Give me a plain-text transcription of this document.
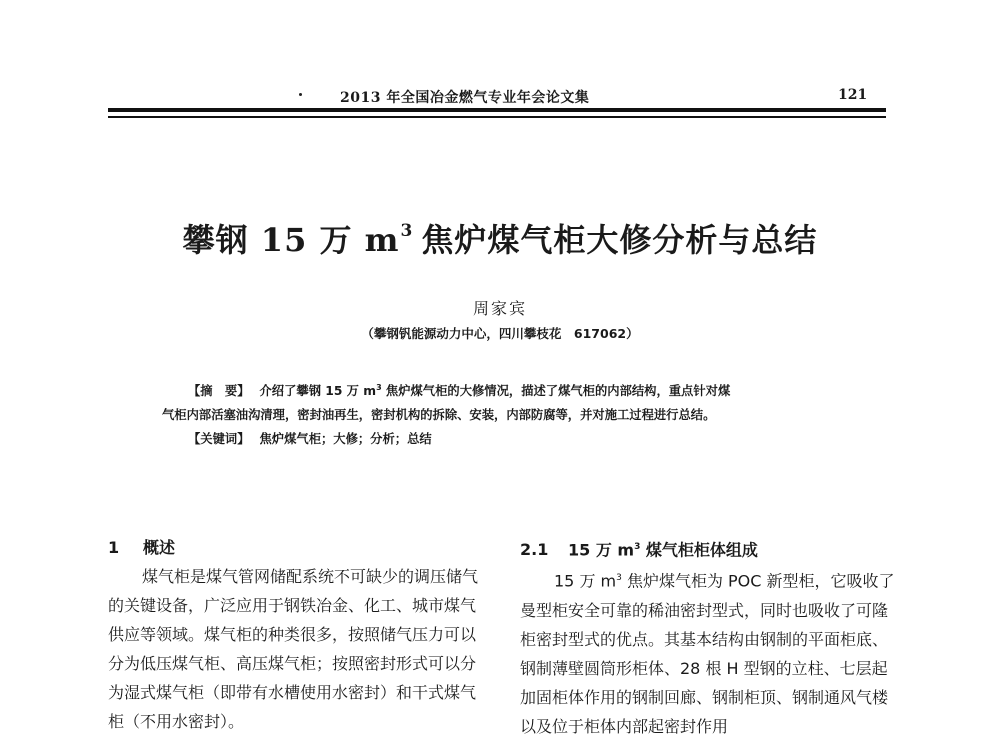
2013 年全国冶金燃气专业年会论文集	121
攀钢 15 万 $m^3$ 焦炉煤气柜大修分析与总结
周家宾
（攀钢钒能源动力中心，四川攀枝花　617062）

【摘　要】 介绍了攀钢 15 万 $m^3$ 焦炉煤气柜的大修情况，描述了煤气柜的内部结构，重点针对煤

气柜内部活塞油沟清理，密封油再生，密封机构的拆除、安装，内部防腐等，并对施工过程进行总结。

【关键词】 焦炉煤气柜；大修；分析；总结

1 概述

煤气柜是煤气管网储配系统不可缺少的调压储气的关键设备，广泛应用于钢铁冶金、化工、城市煤气供应等领域。煤气柜的种类很多，按照储气压力可以分为低压煤气柜、高压煤气柜；按照密封形式可以分为湿式煤气柜（即带有水槽使用水密封）和干式煤气柜（不用水密封）。

2.1 15 万 $m^3$ 煤气柜柜体组成

15 万 $m^3$ 焦炉煤气柜为 POC 新型柜，它吸收了曼型柜安全可靠的稀油密封型式，同时也吸收了可隆柜密封型式的优点。其基本结构由钢制的平面柜底、钢制薄壁圆筒形柜体、28 根 H 型钢的立柱、七层起加固柜体作用的钢制回廊、钢制柜顶、钢制通风气楼以及位于柜体内部起密封作用
